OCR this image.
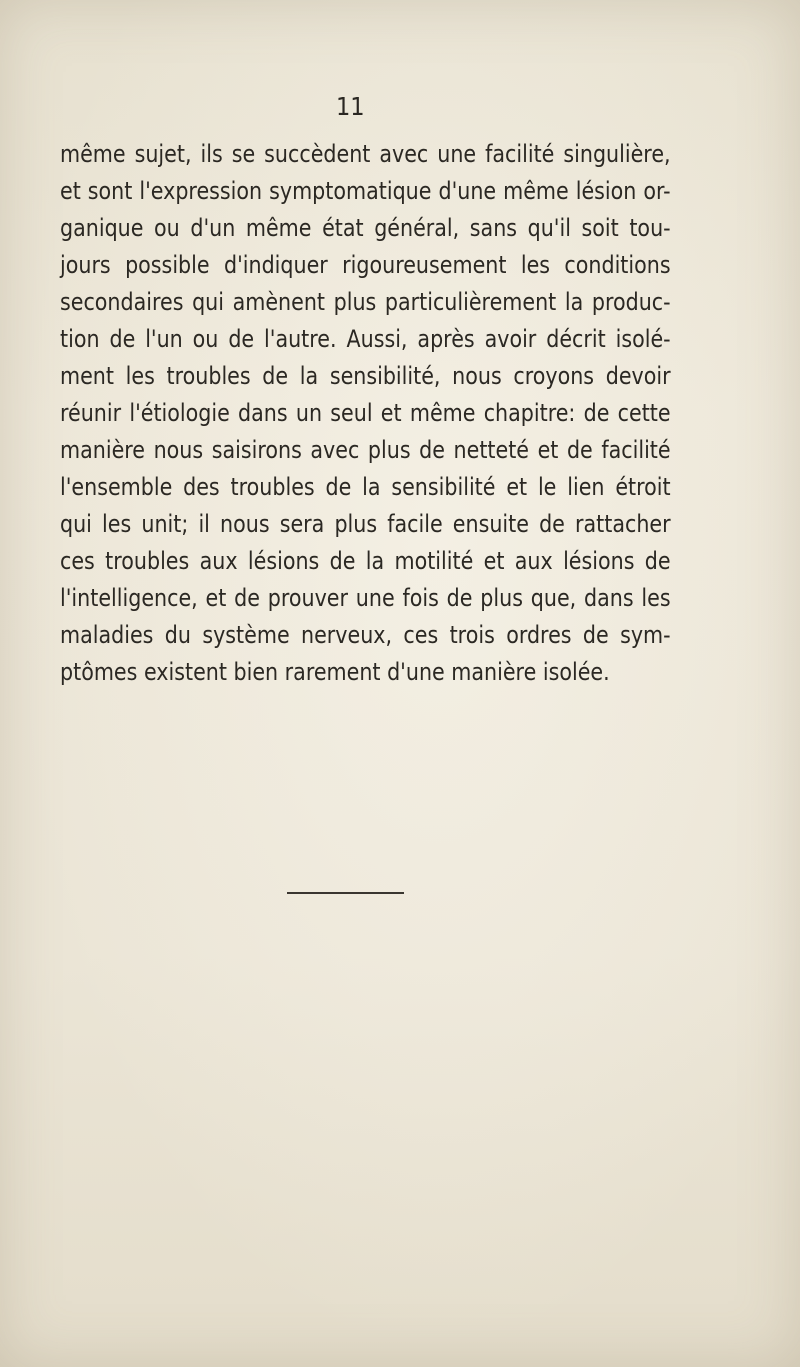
11
même sujet, ils se succèdent avec une facilité singulière,
et sont l'expression symptomatique d'une même lésion or-
ganique ou d'un même état général, sans qu'il soit tou-
jours possible d'indiquer rigoureusement les conditions
secondaires qui amènent plus particulièrement la produc-
tion de l'un ou de l'autre. Aussi, après avoir décrit isolé-
ment les troubles de la sensibilité, nous croyons devoir
réunir l'étiologie dans un seul et même chapitre: de cette
manière nous saisirons avec plus de netteté et de facilité
l'ensemble des troubles de la sensibilité et le lien étroit
qui les unit; il nous sera plus facile ensuite de rattacher
ces troubles aux lésions de la motilité et aux lésions de
l'intelligence, et de prouver une fois de plus que, dans les
maladies du système nerveux, ces trois ordres de sym-
ptômes existent bien rarement d'une manière isolée.
